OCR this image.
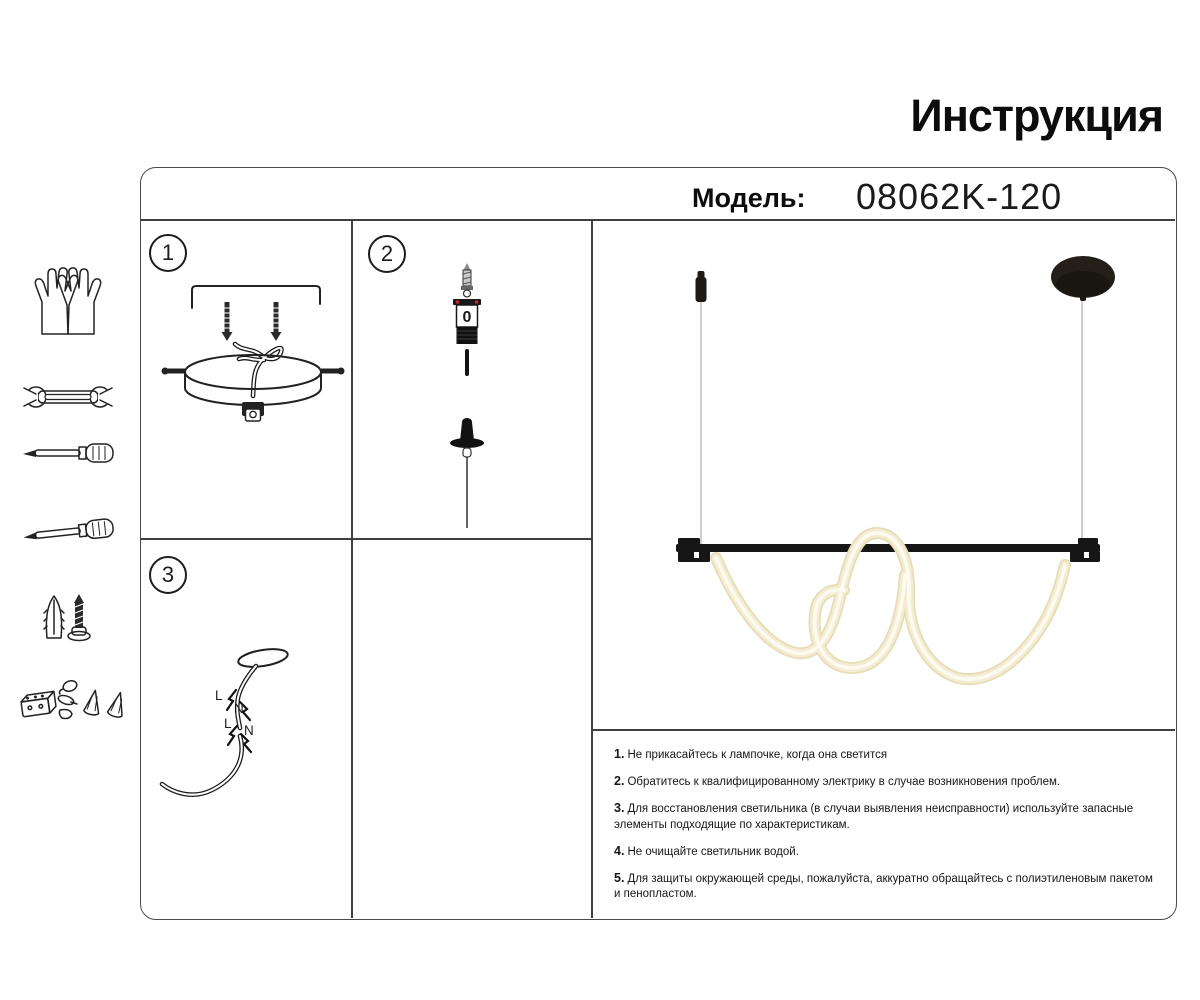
Инструкция
Модель: 08062K-120
1	2
3
0
L
N
L N
1. Не прикасайтесь к лампочке, когда она светится
2. Обратитесь к квалифицированному электрику в случае возникновения проблем.
3. Для восстановления светильника (в случаи выявления неисправности) используйте запасные элементы подходящие по характеристикам.
4. Не очищайте светильник водой.
5. Для защиты окружающей среды, пожалуйста, аккуратно обращайтесь с полиэтиленовым пакетом и пенопластом.
